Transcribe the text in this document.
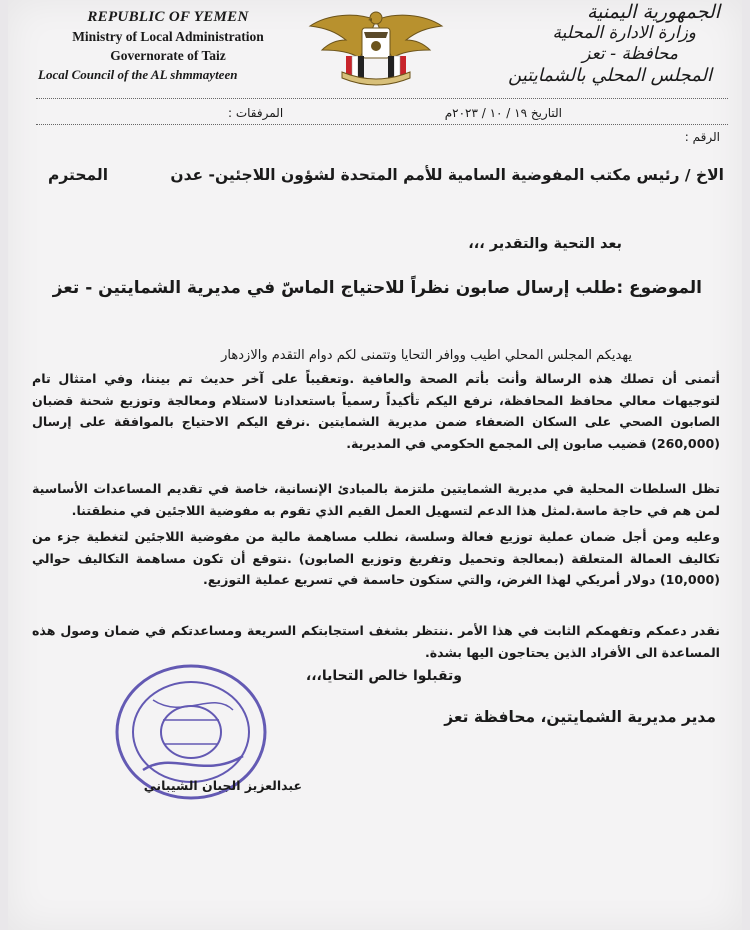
REPUBLIC OF YEMEN
Ministry of Local Administration
Governorate of Taiz
Local Council of the AL shmmayteen
الجمهورية اليمنية
وزارة الادارة المحلية
محافظة - تعز
المجلس المحلي بالشمايتين
التاريخ ١٩ / ١٠ / ٢٠٢٣م
المرفقات :
الرقم :
الاخ / رئيس مكتب المفوضية السامية للأمم المتحدة لشؤون اللاجئين- عدن
المحترم
بعد التحية والتقدير ،،،
الموضوع :طلب إرسال صابون نظراً للاحتياج الماسّ في مديرية الشمايتين - تعز
يهديكم المجلس المحلي اطيب ووافر التحايا وتتمنى لكم دوام التقدم والازدهار

أتمنى أن تصلك هذه الرسالة وأنت بأتم الصحة والعافية .وتعقيباً على آخر حديث تم بيننا، وفي امتثال تام لتوجيهات معالي محافظ المحافظة، نرفع اليكم تأكيداً رسمياً باستعدادنا لاستلام ومعالجة وتوزيع شحنة قضبان الصابون الصحي على السكان الضعفاء ضمن مديرية الشمايتين .نرفع اليكم الاحتياج بالموافقة على إرسال (260,000) قضيب صابون إلى المجمع الحكومي في المديرية.

تظل السلطات المحلية في مديرية الشمايتين ملتزمة بالمبادئ الإنسانية، خاصة في تقديم المساعدات الأساسية لمن هم في حاجة ماسة.لمثل هذا الدعم لتسهيل العمل القيم الذي تقوم به مفوضية اللاجئين في منطقتنا.

وعليه ومن أجل ضمان عملية توزيع فعالة وسلسة، نطلب مساهمة مالية من مفوضية اللاجئين لتغطية جزء من تكاليف العمالة المتعلقة (بمعالجة وتحميل وتفريغ وتوزيع الصابون) .نتوقع أن تكون مساهمة التكاليف حوالي (10,000) دولار أمريكي لهذا الغرض، والتي ستكون حاسمة في تسريع عملية التوزيع.

نقدر دعمكم وتفهمكم الثابت في هذا الأمر .ننتظر بشغف استجابتكم السريعة ومساعدتكم في ضمان وصول هذه المساعدة الى الأفراد الذين يحتاجون اليها بشدة.

وتقبلوا خالص التحايا،،،
مدير مديرية الشمايتين، محافظة تعز
عبدالعزيز الجبان الشيباني
